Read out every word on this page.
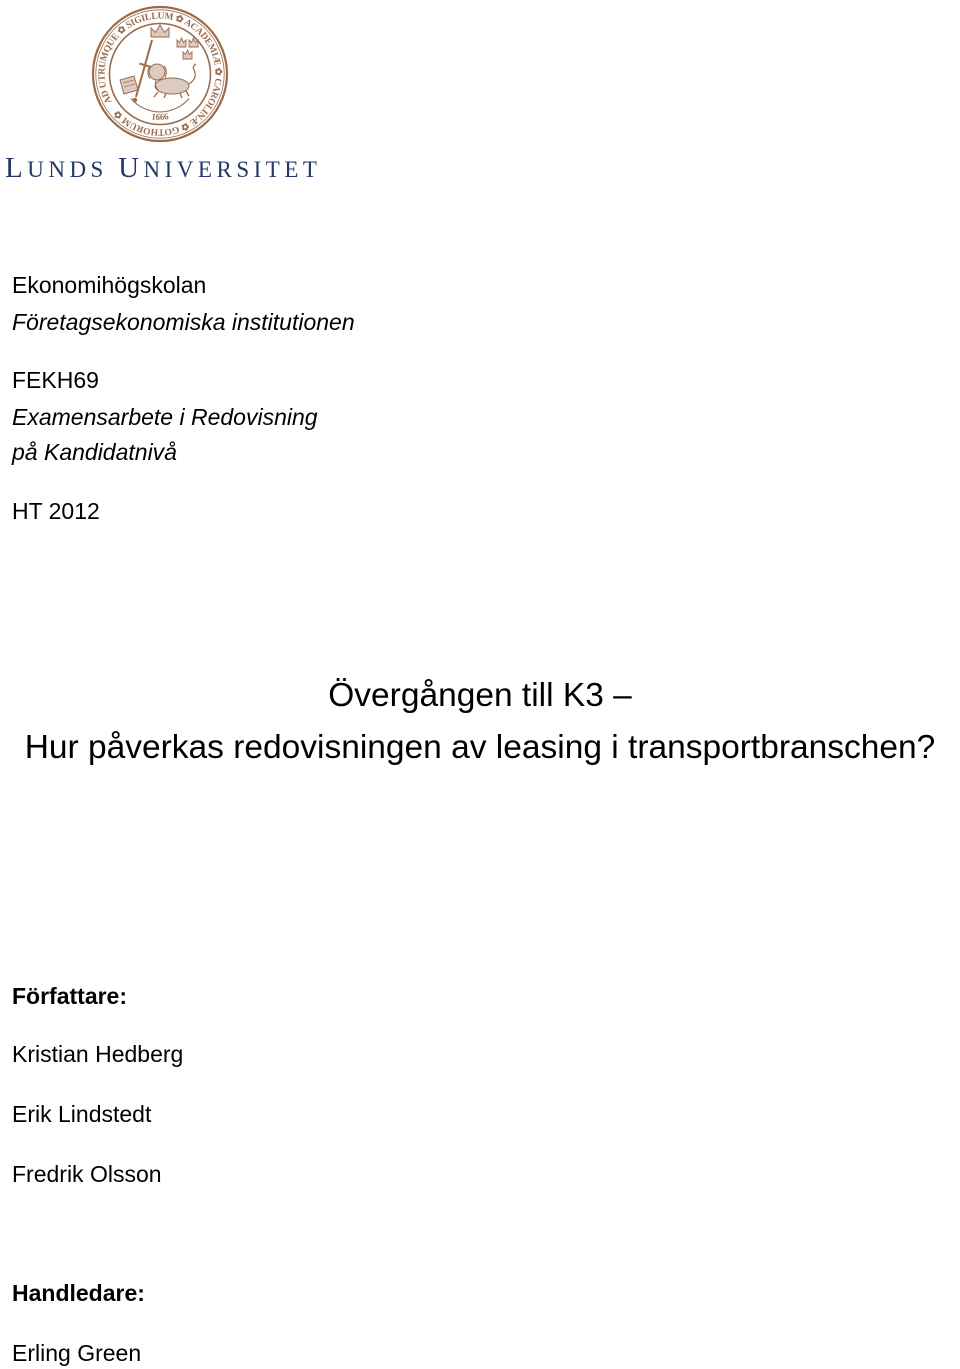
AD UTRUMQUE ✿ SIGILLUM ✿ ACADEMIÆ ✿ CAROLINÆ ✿ GOTHORUM ✿	1666
LUNDS UNIVERSITET
Ekonomihögskolan
Företagsekonomiska institutionen
FEKH69
Examensarbete i Redovisning
på Kandidatnivå
HT 2012
Övergången till K3 –
Hur påverkas redovisningen av leasing i transportbranschen?
Författare:
Kristian Hedberg
Erik Lindstedt
Fredrik Olsson
Handledare:
Erling Green
